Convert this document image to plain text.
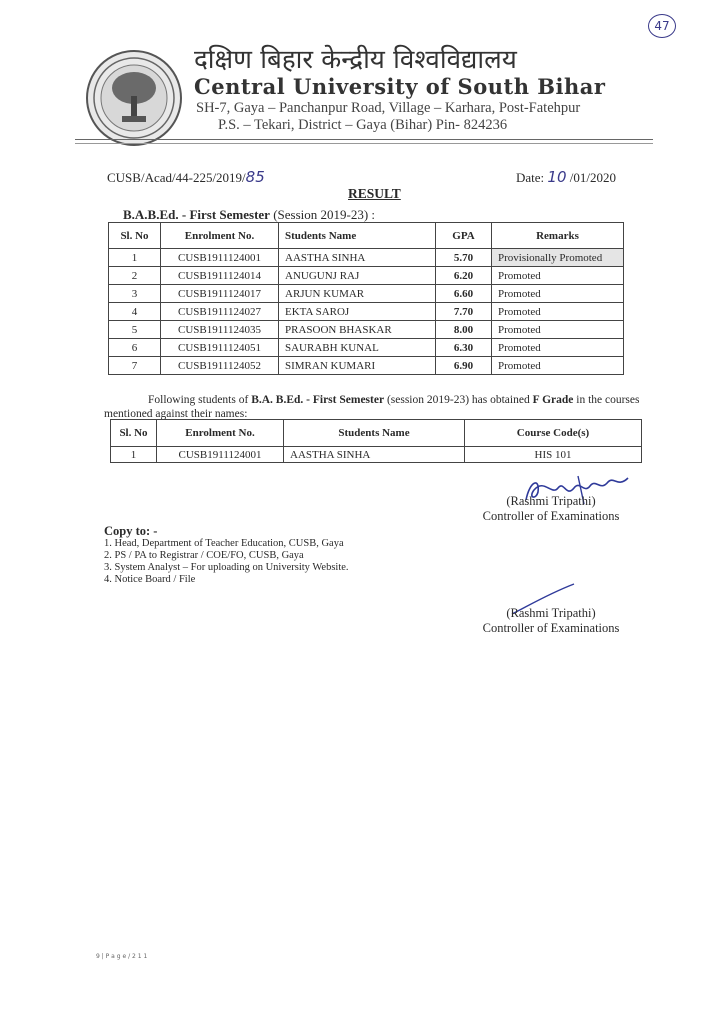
47
दक्षिण बिहार केन्द्रीय विश्वविद्यालय
Central University of South Bihar
SH-7, Gaya – Panchanpur Road, Village – Karhara, Post-Fatehpur
P.S. – Tekari, District – Gaya (Bihar) Pin- 824236
CUSB/Acad/44-225/2019/85	Date: 10 /01/2020
RESULT
B.A.B.Ed. - First Semester (Session 2019-23) :
Sl. No	Enrolment No.	Students Name	GPA	Remarks
1	CUSB1911124001	AASTHA SINHA	5.70	Provisionally Promoted
2	CUSB1911124014	ANUGUNJ RAJ	6.20	Promoted
3	CUSB1911124017	ARJUN KUMAR	6.60	Promoted
4	CUSB1911124027	EKTA SAROJ	7.70	Promoted
5	CUSB1911124035	PRASOON BHASKAR	8.00	Promoted
6	CUSB1911124051	SAURABH KUNAL	6.30	Promoted
7	CUSB1911124052	SIMRAN KUMARI	6.90	Promoted
Following students of B.A. B.Ed. - First Semester (session 2019-23) has obtained F Grade in the courses mentioned against their names:
Sl. No	Enrolment No.	Students Name	Course Code(s)
1	CUSB1911124001	AASTHA SINHA	HIS 101
(Rashmi Tripathi)
Controller of Examinations
Copy to: -
1. Head, Department of Teacher Education, CUSB, Gaya
2. PS / PA to Registrar / COE/FO, CUSB, Gaya
3. System Analyst – For uploading on University Website.
4. Notice Board / File
(Rashmi Tripathi)
Controller of Examinations
9 | P a g e / 2 1 1
